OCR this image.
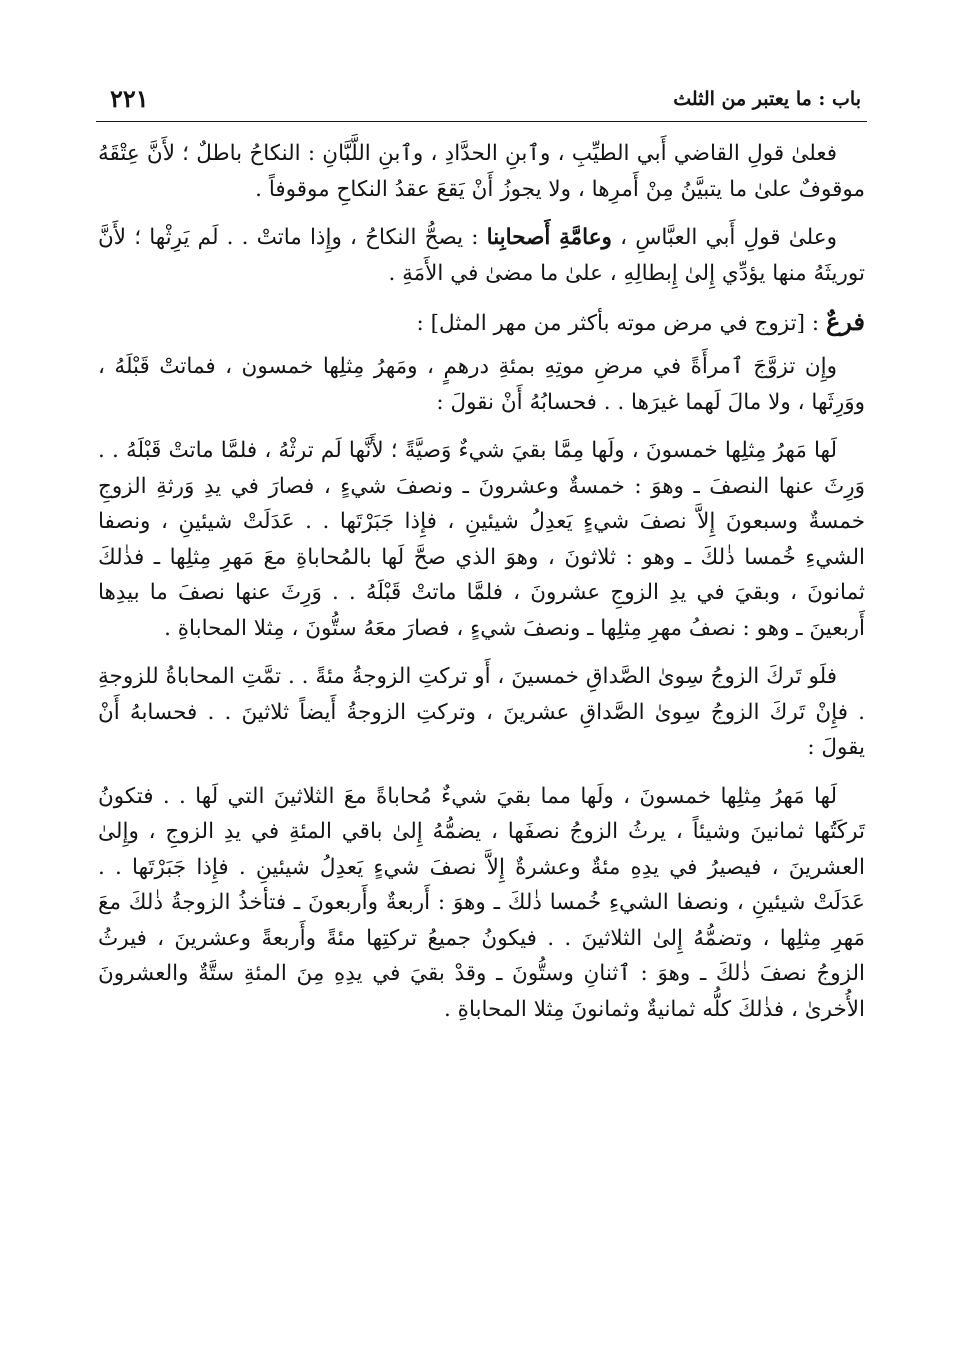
باب : ما يعتبر من الثلث
٢٢١

فعلىٰ قولِ القاضي أَبي الطيِّبِ ، وٱبنِ الحدَّادِ ، وٱبنِ اللَّبَّانِ : النكاحُ باطلٌ ؛ لأَنَّ عِتْقَهُ موقوفٌ علىٰ ما يتبيَّنُ مِنْ أَمرِها ، ولا يجوزُ أَنْ يَقعَ عقدُ النكاحِ موقوفاً .

وعلىٰ قولِ أَبي العبَّاسِ ، وعامَّةِ أَصحابِنا : يصحُّ النكاحُ ، وإِذا ماتتْ . . لَم يَرِثْها ؛ لأَنَّ توريثَهُ منها يؤدِّي إِلىٰ إِبطالِهِ ، علىٰ ما مضىٰ في الأَمَةِ .

فرعٌ : [تزوج في مرض موته بأكثر من مهر المثل] :

وإِن تزوَّجَ ٱمرأَةً في مرضِ موتِهِ بمئةِ درهمٍ ، ومَهرُ مِثلِها خمسون ، فماتتْ قَبْلَهُ ، ووَرِثَها ، ولا مالَ لَهما غيرَها . . فحسابُهُ أَنْ نقولَ :

لَها مَهرُ مِثلِها خمسونَ ، ولَها مِمَّا بقيَ شيءٌ وَصيَّةً ؛ لأَنَّها لَم ترثْهُ ، فلمَّا ماتتْ قَبْلَهُ . . وَرِثَ عنها النصفَ ـ وهوَ : خمسةٌ وعشرونَ ـ ونصفَ شيءٍ ، فصارَ في يدِ وَرثةِ الزوجِ خمسةٌ وسبعونَ إِلاَّ نصفَ شيءٍ يَعدِلُ شيئينِ ، فإِذا جَبَرْتَها . . عَدَلَتْ شيئينِ ، ونصفا الشيءِ خُمسا ذٰلكَ ـ وهو : ثلاثونَ ، وهوَ الذي صحَّ لَها بالمُحاباةِ معَ مَهرِ مِثلِها ـ فذٰلكَ ثمانونَ ، وبقيَ في يدِ الزوجِ عشرونَ ، فلمَّا ماتتْ قَبْلَهُ . . وَرِثَ عنها نصفَ ما بيدِها أَربعينَ ـ وهو : نصفُ مهرِ مِثلِها ـ ونصفَ شيءٍ ، فصارَ معَهُ ستُّونَ ، مِثلا المحاباةِ .

فلَو تَركَ الزوجُ سِوىٰ الصَّداقِ خمسينَ ، أَو تركتِ الزوجةُ مئةً . . تمَّتِ المحاباةُ للزوجةِ . فإِنْ تَركَ الزوجُ سِوىٰ الصَّداقِ عشرينَ ، وتركتِ الزوجةُ أَيضاً ثلاثينَ . . فحسابهُ أَنْ يقولَ :

لَها مَهرُ مِثلِها خمسونَ ، ولَها مما بقيَ شيءٌ مُحاباةً معَ الثلاثينَ التي لَها . . فتكونُ تَركَتُها ثمانينَ وشيئاً ، يرثُ الزوجُ نصفَها ، يضمُّهُ إِلىٰ باقي المئةِ في يدِ الزوجِ ، وإِلىٰ العشرينَ ، فيصيرُ في يدِهِ مئةٌ وعشرةٌ إِلاَّ نصفَ شيءٍ يَعدِلُ شيئينِ . فإِذا جَبَرْتَها . . عَدَلَتْ شيئينِ ، ونصفا الشيءِ خُمسا ذٰلكَ ـ وهوَ : أَربعةٌ وأَربعونَ ـ فتأخذُ الزوجةُ ذٰلكَ معَ مَهرِ مِثلِها ، وتضمُّهُ إِلىٰ الثلاثينَ . . فيكونُ جميعُ تركتِها مئةً وأَربعةً وعشرينَ ، فيرثُ الزوجُ نصفَ ذٰلكَ ـ وهوَ : ٱثنانِ وستُّونَ ـ وقدْ بقيَ في يدِهِ مِنَ المئةِ ستَّةٌ والعشرونَ الأُخرىٰ ، فذٰلكَ كلُّه ثمانيةٌ وثمانونَ مِثلا المحاباةِ .
